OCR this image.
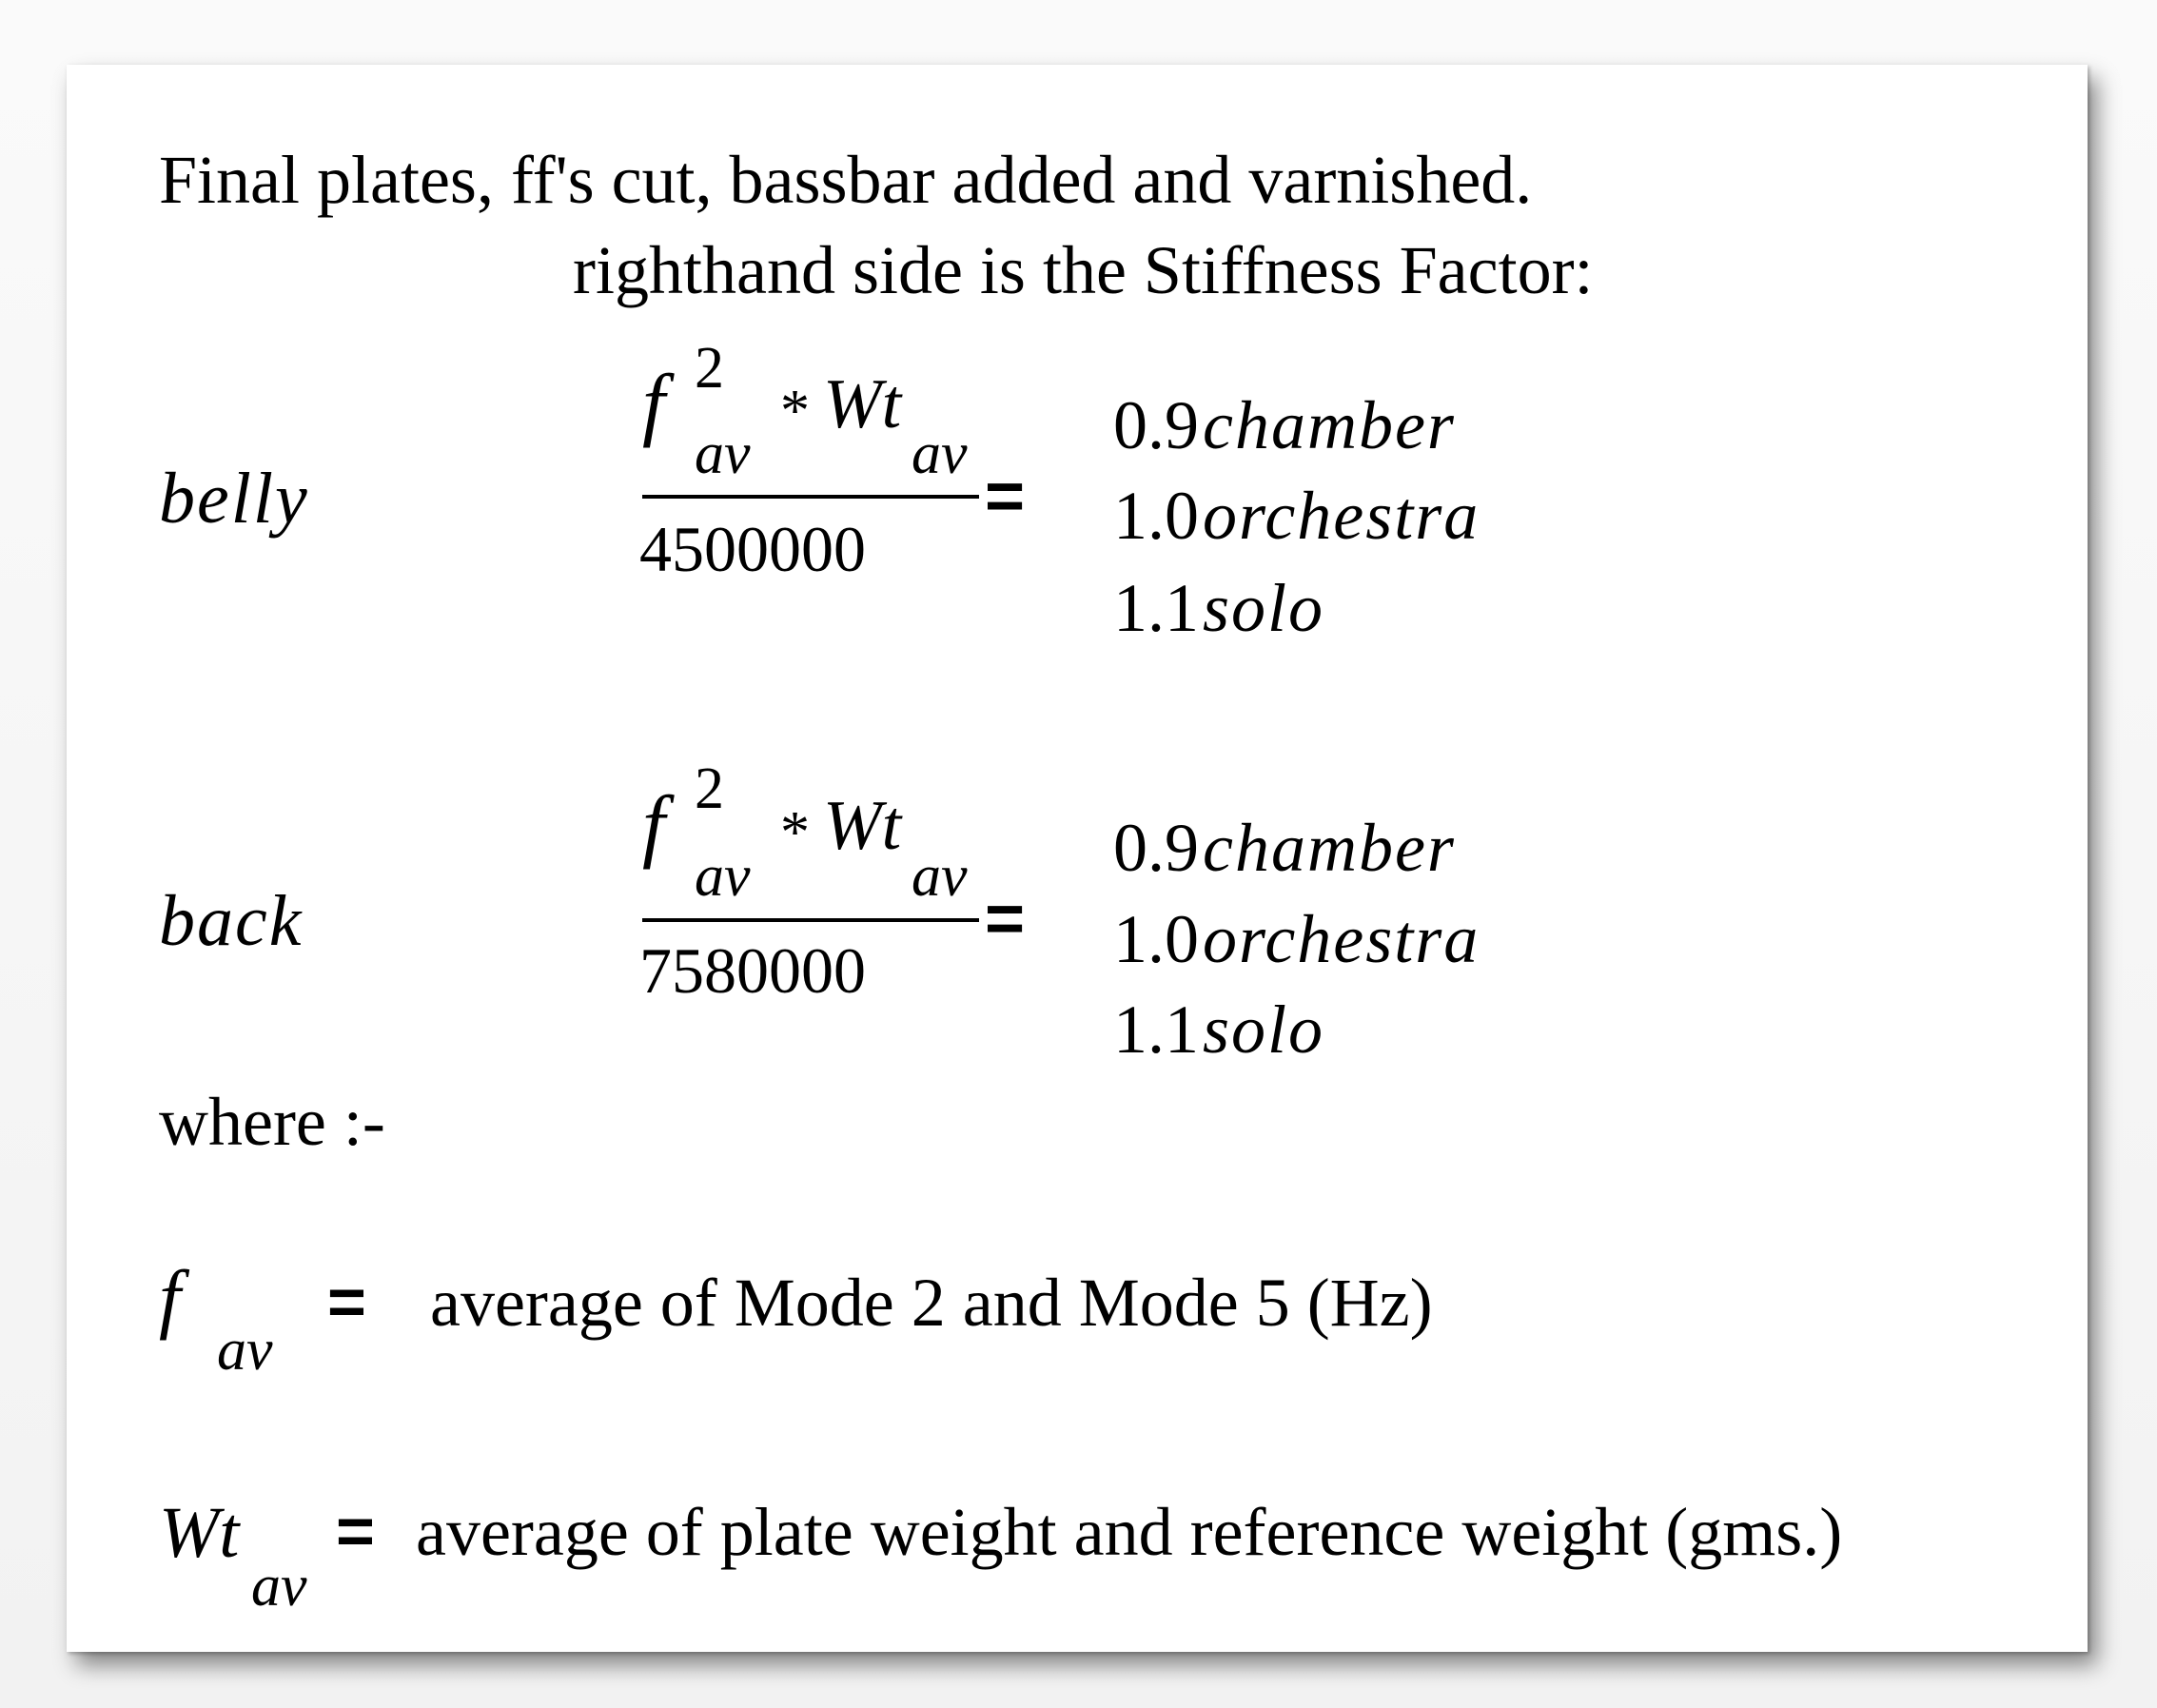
Final plates, ff's cut, bassbar added and varnished.
righthand side is the Stiffness Factor:
belly
f 2
av
* Wt
av
4500000
=
0.9 chamber
1.0 orchestra
1.1 solo
back
f 2
av
* Wt
av
7580000
=
0.9 chamber
1.0 orchestra
1.1 solo
where :-
f
av
= average of Mode 2 and Mode 5 (Hz)
Wt
av
= average of plate weight and reference weight (gms.)
